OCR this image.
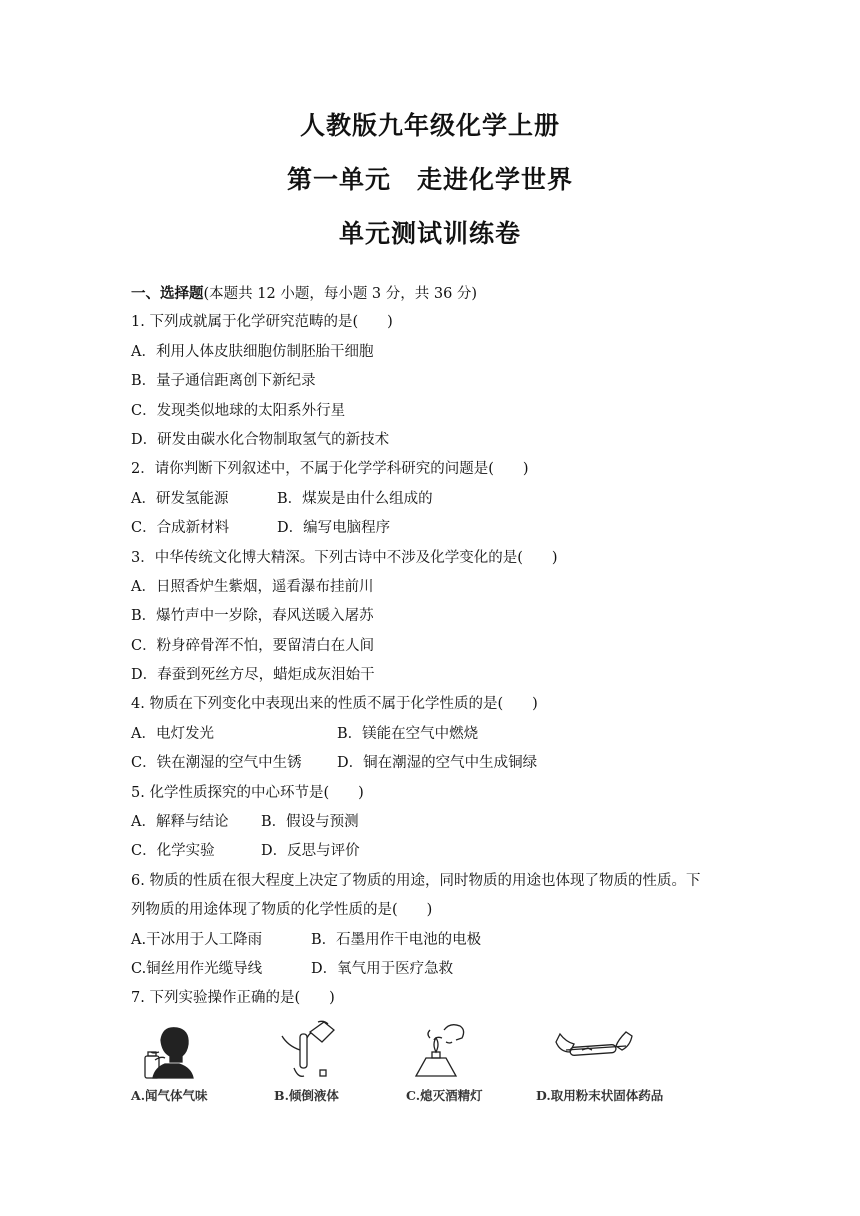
人教版九年级化学上册
第一单元　走进化学世界
单元测试训练卷
一、选择题(本题共 12 小题，每小题 3 分，共 36 分)
1. 下列成就属于化学研究范畴的是(　　)
A．利用人体皮肤细胞仿制胚胎干细胞
B．量子通信距离创下新纪录
C．发现类似地球的太阳系外行星
D．研发由碳水化合物制取氢气的新技术
2．请你判断下列叙述中，不属于化学学科研究的问题是(　　)
A．研发氢能源	B．煤炭是由什么组成的
C．合成新材料	D．编写电脑程序
3．中华传统文化博大精深。下列古诗中不涉及化学变化的是(　　)
A．日照香炉生紫烟，遥看瀑布挂前川
B．爆竹声中一岁除，春风送暖入屠苏
C．粉身碎骨浑不怕，要留清白在人间
D．春蚕到死丝方尽，蜡炬成灰泪始干
4. 物质在下列变化中表现出来的性质不属于化学性质的是(　　)
A．电灯发光	B．镁能在空气中燃烧
C．铁在潮湿的空气中生锈 D．铜在潮湿的空气中生成铜绿
5. 化学性质探究的中心环节是(　　)
A．解释与结论 B．假设与预测
C．化学实验	D．反思与评价
6. 物质的性质在很大程度上决定了物质的用途，同时物质的用途也体现了物质的性质。下
列物质的用途体现了物质的化学性质的是(　　)
A.干冰用于人工降雨	B．石墨用作干电池的电极
C.铜丝用作光缆导线	D．氧气用于医疗急救
7. 下列实验操作正确的是(　　)
A.闻气体气味	B.倾倒液体	C.熄灭酒精灯	D.取用粉末状固体药品
